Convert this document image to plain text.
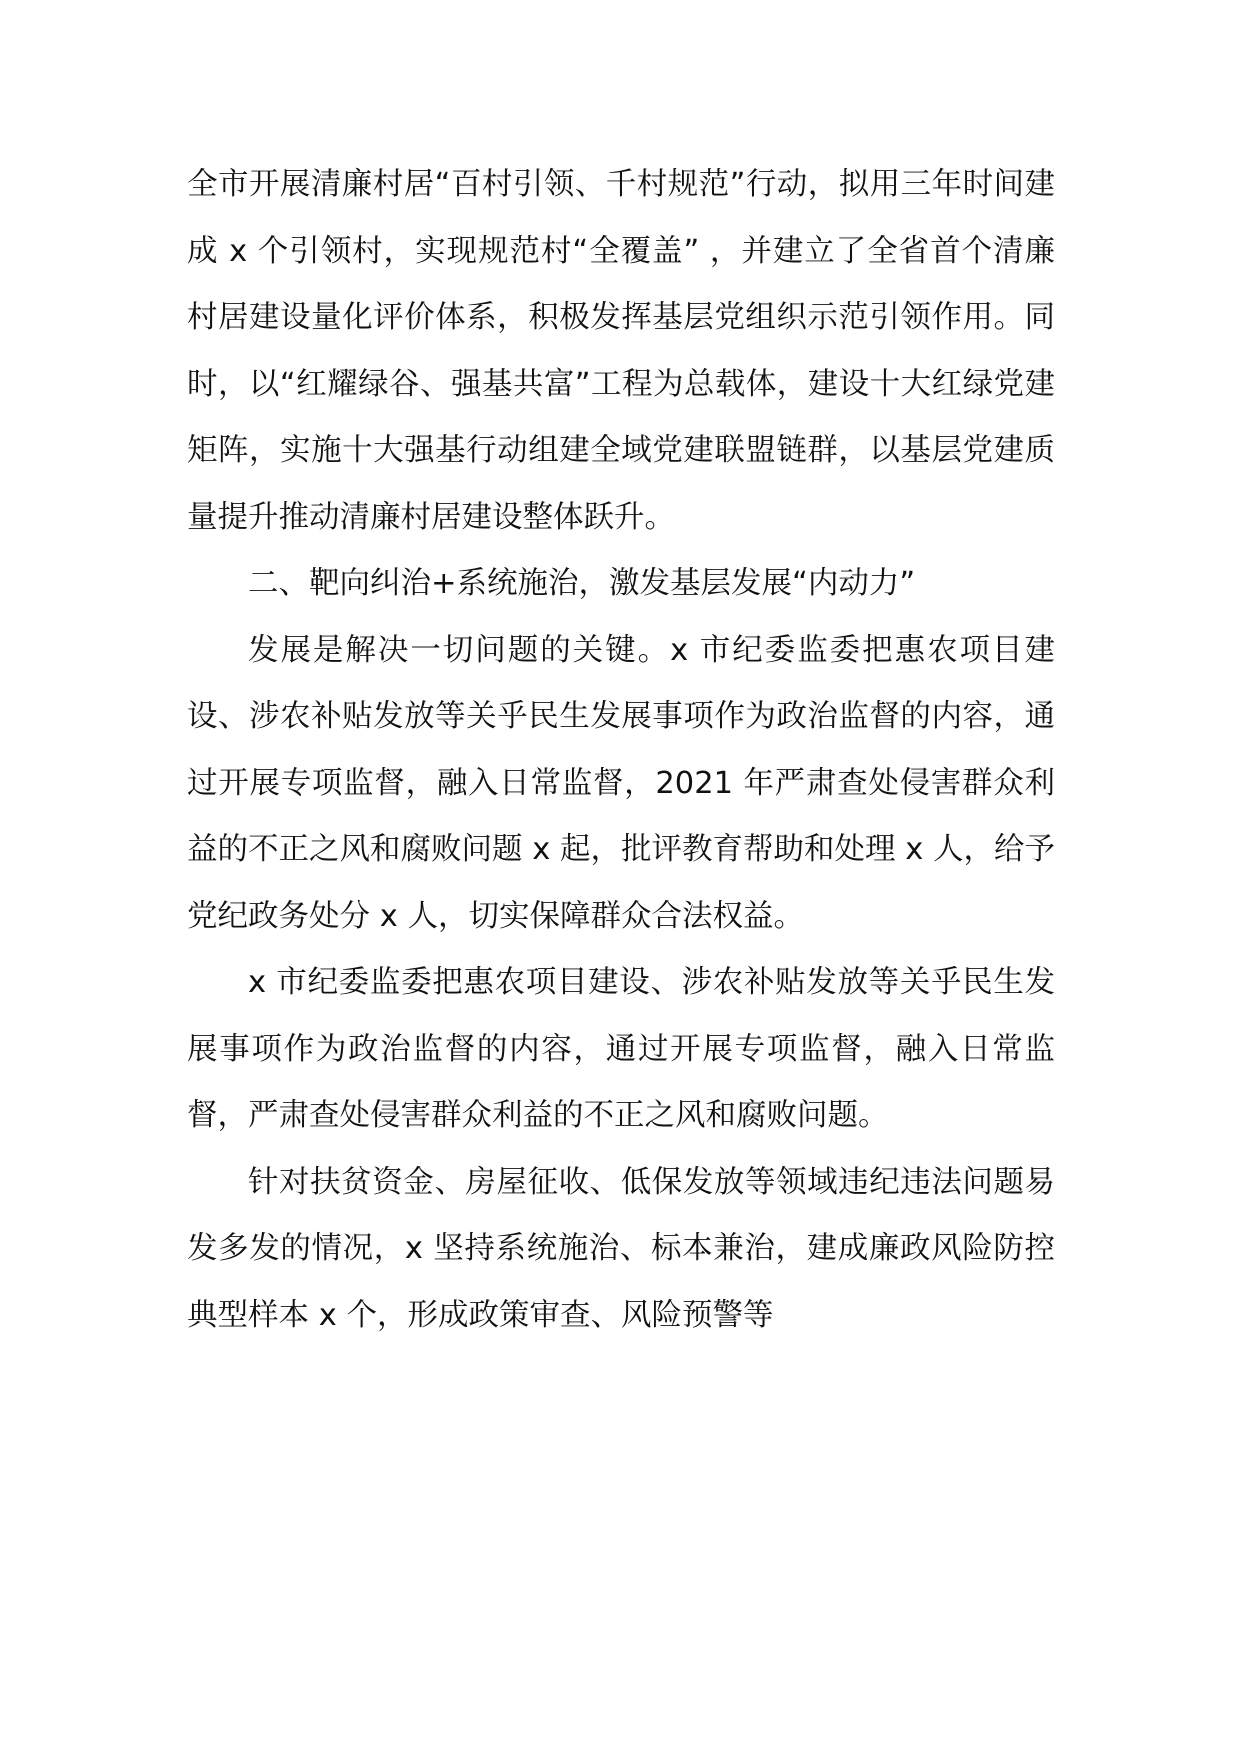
全市开展清廉村居“百村引领、千村规范”行动，拟用三年时间建成 x 个引领村，实现规范村“全覆盖” ，并建立了全省首个清廉村居建设量化评价体系，积极发挥基层党组织示范引领作用。同时，以“红耀绿谷、强基共富”工程为总载体，建设十大红绿党建矩阵，实施十大强基行动组建全域党建联盟链群，以基层党建质量提升推动清廉村居建设整体跃升。

二、靶向纠治+系统施治，激发基层发展“内动力”

发展是解决一切问题的关键。x 市纪委监委把惠农项目建设、涉农补贴发放等关乎民生发展事项作为政治监督的内容，通过开展专项监督，融入日常监督，2021 年严肃查处侵害群众利益的不正之风和腐败问题 x 起，批评教育帮助和处理 x 人，给予党纪政务处分 x 人，切实保障群众合法权益。

x 市纪委监委把惠农项目建设、涉农补贴发放等关乎民生发展事项作为政治监督的内容，通过开展专项监督，融入日常监督，严肃查处侵害群众利益的不正之风和腐败问题。

针对扶贫资金、房屋征收、低保发放等领域违纪违法问题易发多发的情况，x 坚持系统施治、标本兼治，建成廉政风险防控典型样本 x 个，形成政策审查、风险预警等
